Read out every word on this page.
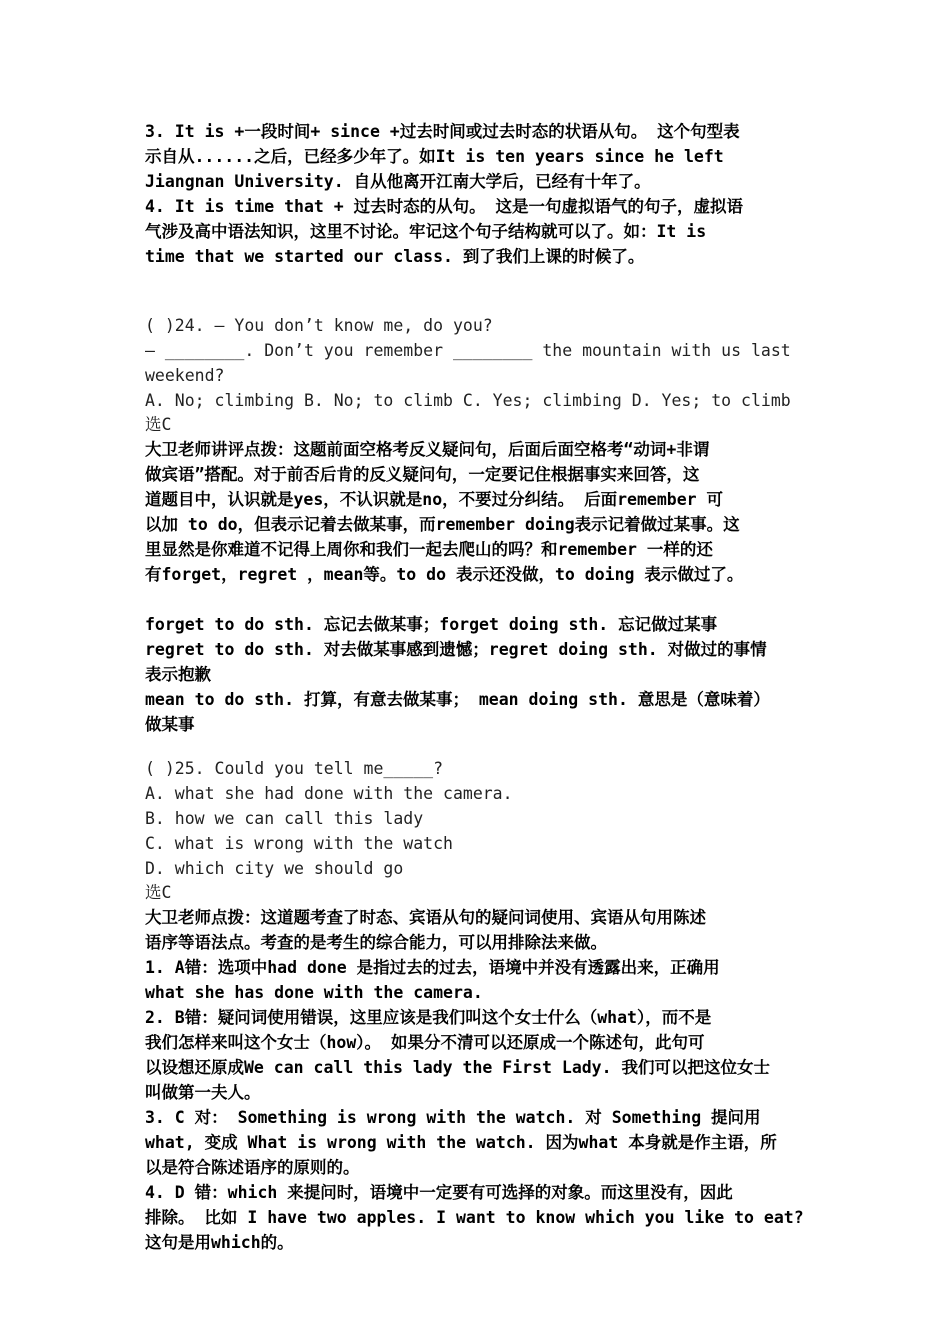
3. It is +一段时间+ since +过去时间或过去时态的状语从句。 这个句型表
示自从......之后，已经多少年了。如It is ten years since he left
Jiangnan University. 自从他离开江南大学后，已经有十年了。
4. It is time that + 过去时态的从句。 这是一句虚拟语气的句子，虚拟语
气涉及高中语法知识，这里不讨论。牢记这个句子结构就可以了。如：It is
time that we started our class. 到了我们上课的时候了。
( )24. — You don’t know me, do you?
— ________. Don’t you remember ________ the mountain with us last
weekend?
A. No; climbing B. No; to climb C. Yes; climbing D. Yes; to climb
选C
大卫老师讲评点拨：这题前面空格考反义疑问句，后面后面空格考“动词+非谓
做宾语”搭配。对于前否后肯的反义疑问句，一定要记住根据事实来回答，这
道题目中，认识就是yes，不认识就是no，不要过分纠结。 后面remember 可
以加 to do，但表示记着去做某事，而remember doing表示记着做过某事。这
里显然是你难道不记得上周你和我们一起去爬山的吗？和remember 一样的还
有forget，regret ，mean等。to do 表示还没做，to doing 表示做过了。
forget to do sth. 忘记去做某事；forget doing sth. 忘记做过某事
regret to do sth. 对去做某事感到遗憾；regret doing sth. 对做过的事情
表示抱歉
mean to do sth. 打算，有意去做某事； mean doing sth. 意思是（意味着）
做某事
( )25. Could you tell me_____?
A. what she had done with the camera.
B. how we can call this lady
C. what is wrong with the watch
D. which city we should go
选C
大卫老师点拨：这道题考查了时态、宾语从句的疑问词使用、宾语从句用陈述
语序等语法点。考查的是考生的综合能力，可以用排除法来做。
1. A错：选项中had done 是指过去的过去，语境中并没有透露出来，正确用
what she has done with the camera.
2. B错：疑问词使用错误，这里应该是我们叫这个女士什么（what），而不是
我们怎样来叫这个女士（how）。 如果分不清可以还原成一个陈述句，此句可
以设想还原成We can call this lady the First Lady. 我们可以把这位女士
叫做第一夫人。
3. C 对： Something is wrong with the watch. 对 Something 提问用
what, 变成 What is wrong with the watch. 因为what 本身就是作主语，所
以是符合陈述语序的原则的。
4. D 错：which 来提问时，语境中一定要有可选择的对象。而这里没有，因此
排除。 比如 I have two apples. I want to know which you like to eat?
这句是用which的。
